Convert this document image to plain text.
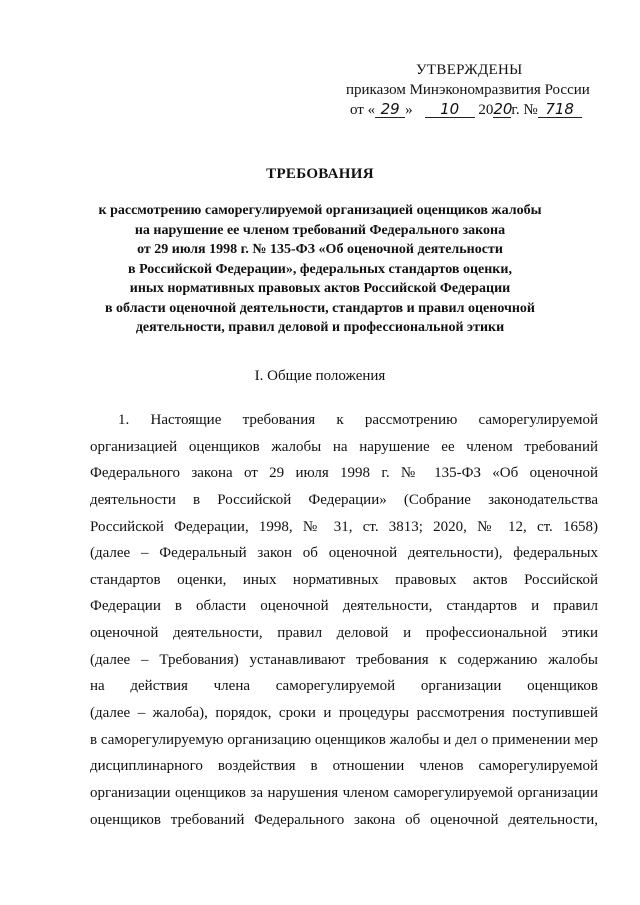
УТВЕРЖДЕНЫ
приказом Минэкономразвития России
от « 29 » 10 2020г. № 718
ТРЕБОВАНИЯ
к рассмотрению саморегулируемой организацией оценщиков жалобы
на нарушение ее членом требований Федерального закона
от 29 июля 1998 г. № 135-ФЗ «Об оценочной деятельности
в Российской Федерации», федеральных стандартов оценки,
иных нормативных правовых актов Российской Федерации
в области оценочной деятельности, стандартов и правил оценочной
деятельности, правил деловой и профессиональной этики
I. Общие положения
1. Настоящие требования к рассмотрению саморегулируемой
организацией оценщиков жалобы на нарушение ее членом требований
Федерального закона от 29 июля 1998 г. № 135-ФЗ «Об оценочной
деятельности в Российской Федерации» (Собрание законодательства
Российской Федерации, 1998, № 31, ст. 3813; 2020, № 12, ст. 1658)
(далее – Федеральный закон об оценочной деятельности), федеральных
стандартов оценки, иных нормативных правовых актов Российской
Федерации в области оценочной деятельности, стандартов и правил
оценочной деятельности, правил деловой и профессиональной этики
(далее – Требования) устанавливают требования к содержанию жалобы
на действия члена саморегулируемой организации оценщиков
(далее – жалоба), порядок, сроки и процедуры рассмотрения поступившей
в саморегулируемую организацию оценщиков жалобы и дел о применении мер
дисциплинарного воздействия в отношении членов саморегулируемой
организации оценщиков за нарушения членом саморегулируемой организации
оценщиков требований Федерального закона об оценочной деятельности,
